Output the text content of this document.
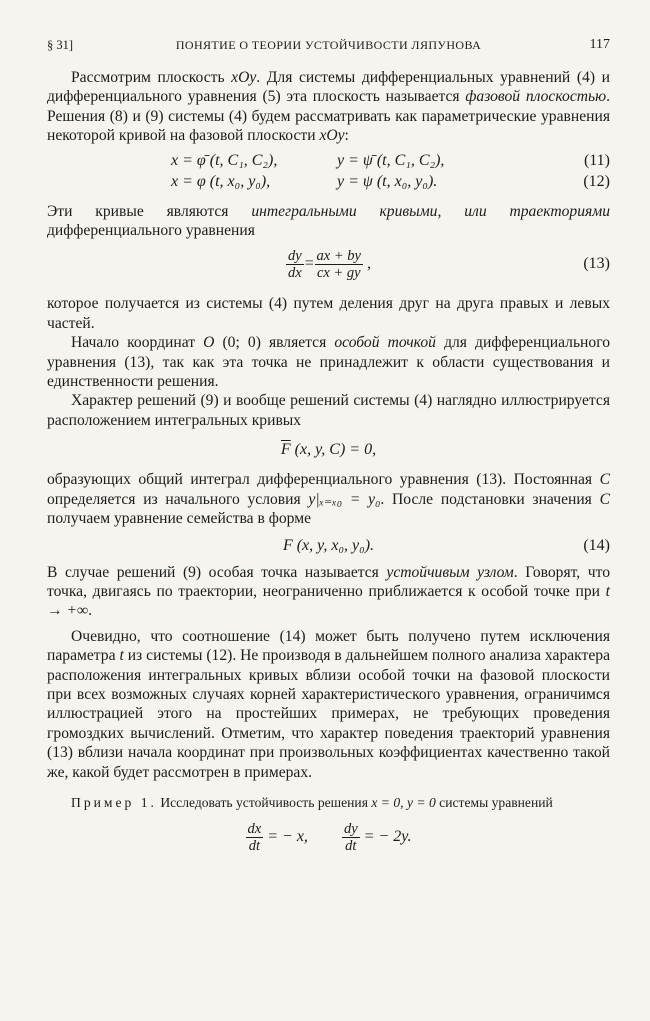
§ 31]	ПОНЯТИЕ О ТЕОРИИ УСТОЙЧИВОСТИ ЛЯПУНОВА	117

Рассмотрим плоскость xOy. Для системы дифференциальных уравнений (4) и дифференциального уравнения (5) эта плоскость называется фазовой плоскостью. Решения (8) и (9) системы (4) будем рассматривать как параметрические уравнения некоторой кривой на фазовой плоскости xOy:

x = φ̄ (t, C₁, C₂),	y = ψ̄ (t, C₁, C₂),	(11)
x = φ (t, x₀, y₀),	y = ψ (t, x₀, y₀).	(12)

Эти кривые являются интегральными кривыми, или траекториями дифференциального уравнения

$\frac{dy}{dx} = \frac{ax + by}{cx + gy}$ ,	(13)

которое получается из системы (4) путем деления друг на друга правых и левых частей.

Начало координат O (0; 0) является особой точкой для дифференциального уравнения (13), так как эта точка не принадлежит к области существования и единственности решения.

Характер решений (9) и вообще решений системы (4) наглядно иллюстрируется расположением интегральных кривых

$\overline{F}$ (x, y, C) = 0,

образующих общий интеграл дифференциального уравнения (13). Постоянная C определяется из начального условия y|ₓ₌ₓ₀ = y₀. После подстановки значения C получаем уравнение семейства в форме

F (x, y, x₀, y₀).	(14)

В случае решений (9) особая точка называется устойчивым узлом. Говорят, что точка, двигаясь по траектории, неограниченно приближается к особой точке при t → +∞.

Очевидно, что соотношение (14) может быть получено путем исключения параметра t из системы (12). Не производя в дальнейшем полного анализа характера расположения интегральных кривых вблизи особой точки на фазовой плоскости при всех возможных случаях корней характеристического уравнения, ограничимся иллюстрацией этого на простейших примерах, не требующих проведения громоздких вычислений. Отметим, что характер поведения траекторий уравнения (13) вблизи начала координат при произвольных коэффициентах качественно такой же, какой будет рассмотрен в примерах.

Пример 1. Исследовать устойчивость решения x = 0, y = 0 системы уравнений

$\frac{dx}{dt}$ = − x, $\frac{dy}{dt}$ = − 2y.
